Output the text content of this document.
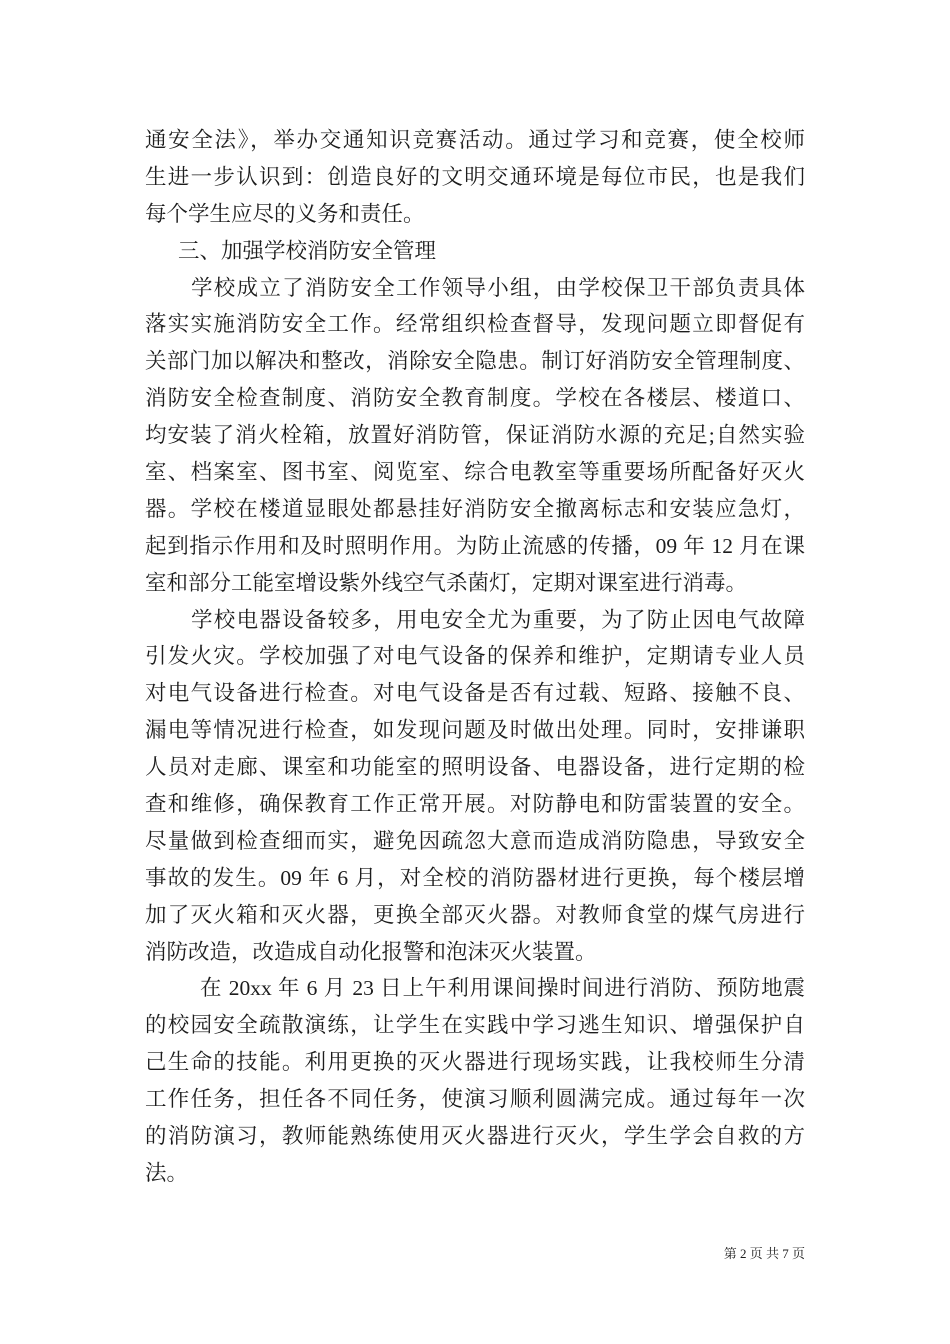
通安全法》，举办交通知识竞赛活动。通过学习和竞赛，使全校师
生进一步认识到：创造良好的文明交通环境是每位市民，也是我们
每个学生应尽的义务和责任。
三、加强学校消防安全管理
学校成立了消防安全工作领导小组，由学校保卫干部负责具体
落实实施消防安全工作。经常组织检查督导，发现问题立即督促有
关部门加以解决和整改，消除安全隐患。制订好消防安全管理制度、
消防安全检查制度、消防安全教育制度。学校在各楼层、楼道口、
均安装了消火栓箱，放置好消防管，保证消防水源的充足;自然实验
室、档案室、图书室、阅览室、综合电教室等重要场所配备好灭火
器。学校在楼道显眼处都悬挂好消防安全撤离标志和安装应急灯，
起到指示作用和及时照明作用。为防止流感的传播，09 年 12 月在课
室和部分工能室增设紫外线空气杀菌灯，定期对课室进行消毒。
学校电器设备较多，用电安全尤为重要，为了防止因电气故障
引发火灾。学校加强了对电气设备的保养和维护，定期请专业人员
对电气设备进行检查。对电气设备是否有过载、短路、接触不良、
漏电等情况进行检查，如发现问题及时做出处理。同时，安排谦职
人员对走廊、课室和功能室的照明设备、电器设备，进行定期的检
查和维修，确保教育工作正常开展。对防静电和防雷装置的安全。
尽量做到检查细而实，避免因疏忽大意而造成消防隐患，导致安全
事故的发生。09 年 6 月，对全校的消防器材进行更换，每个楼层增
加了灭火箱和灭火器，更换全部灭火器。对教师食堂的煤气房进行
消防改造，改造成自动化报警和泡沫灭火装置。
在 20xx 年 6 月 23 日上午利用课间操时间进行消防、预防地震
的校园安全疏散演练，让学生在实践中学习逃生知识、增强保护自
己生命的技能。利用更换的灭火器进行现场实践，让我校师生分清
工作任务，担任各不同任务，使演习顺利圆满完成。通过每年一次
的消防演习，教师能熟练使用灭火器进行灭火，学生学会自救的方
法。
第 2 页 共 7 页
